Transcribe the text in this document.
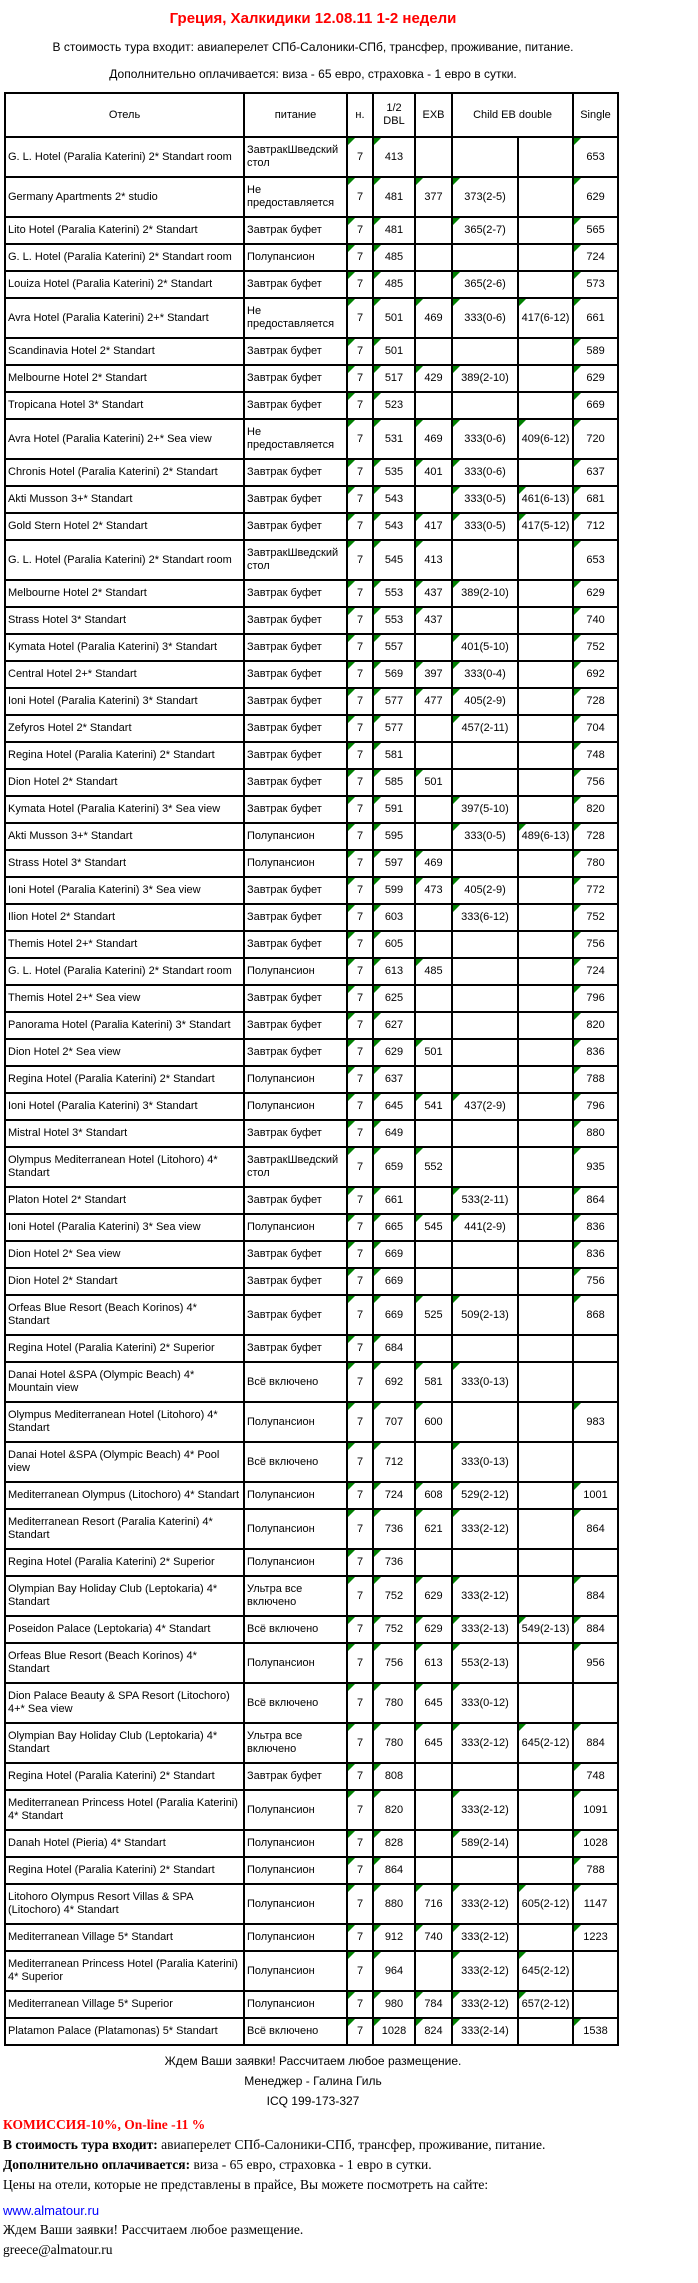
Греция, Халкидики 12.08.11 1-2 недели
В стоимость тура входит: авиаперелет СПб-Салоники-СПб, трансфер, проживание, питание.
Дополнительно оплачивается: виза - 65 евро, страховка - 1 евро в сутки.
Отель	питание	н.	1/2 DBL	EXB	Child EB double		Single
G. L. Hotel (Paralia Katerini) 2* Standart room	ЗавтракШведский стол	7	413				653
Germany Apartments 2* studio	Не предоставляется	7	481	377	373(2-5)		629
Lito Hotel (Paralia Katerini) 2* Standart	Завтрак буфет	7	481		365(2-7)		565
G. L. Hotel (Paralia Katerini) 2* Standart room	Полупансион	7	485				724
Louiza Hotel (Paralia Katerini) 2* Standart	Завтрак буфет	7	485		365(2-6)		573
Avra Hotel (Paralia Katerini) 2+* Standart	Не предоставляется	7	501	469	333(0-6)	417(6-12)	661
Scandinavia Hotel 2* Standart	Завтрак буфет	7	501				589
Melbourne Hotel 2* Standart	Завтрак буфет	7	517	429	389(2-10)		629
Tropicana Hotel 3* Standart	Завтрак буфет	7	523				669
Avra Hotel (Paralia Katerini) 2+* Sea view	Не предоставляется	7	531	469	333(0-6)	409(6-12)	720
Chronis Hotel (Paralia Katerini) 2* Standart	Завтрак буфет	7	535	401	333(0-6)		637
Akti Musson 3+* Standart	Завтрак буфет	7	543		333(0-5)	461(6-13)	681
Gold Stern Hotel 2* Standart	Завтрак буфет	7	543	417	333(0-5)	417(5-12)	712
G. L. Hotel (Paralia Katerini) 2* Standart room	ЗавтракШведский стол	7	545	413			653
Melbourne Hotel 2* Standart	Завтрак буфет	7	553	437	389(2-10)		629
Strass Hotel 3* Standart	Завтрак буфет	7	553	437			740
Kymata Hotel (Paralia Katerini) 3* Standart	Завтрак буфет	7	557		401(5-10)		752
Central Hotel 2+* Standart	Завтрак буфет	7	569	397	333(0-4)		692
Ioni Hotel (Paralia Katerini) 3* Standart	Завтрак буфет	7	577	477	405(2-9)		728
Zefyros Hotel 2* Standart	Завтрак буфет	7	577		457(2-11)		704
Regina Hotel (Paralia Katerini) 2* Standart	Завтрак буфет	7	581				748
Dion Hotel 2* Standart	Завтрак буфет	7	585	501			756
Kymata Hotel (Paralia Katerini) 3* Sea view	Завтрак буфет	7	591		397(5-10)		820
Akti Musson 3+* Standart	Полупансион	7	595		333(0-5)	489(6-13)	728
Strass Hotel 3* Standart	Полупансион	7	597	469			780
Ioni Hotel (Paralia Katerini) 3* Sea view	Завтрак буфет	7	599	473	405(2-9)		772
Ilion Hotel 2* Standart	Завтрак буфет	7	603		333(6-12)		752
Themis Hotel 2+* Standart	Завтрак буфет	7	605				756
G. L. Hotel (Paralia Katerini) 2* Standart room	Полупансион	7	613	485			724
Themis Hotel 2+* Sea view	Завтрак буфет	7	625				796
Panorama Hotel (Paralia Katerini) 3* Standart	Завтрак буфет	7	627				820
Dion Hotel 2* Sea view	Завтрак буфет	7	629	501			836
Regina Hotel (Paralia Katerini) 2* Standart	Полупансион	7	637				788
Ioni Hotel (Paralia Katerini) 3* Standart	Полупансион	7	645	541	437(2-9)		796
Mistral Hotel 3* Standart	Завтрак буфет	7	649				880
Olympus Mediterranean Hotel (Litohoro) 4* Standart	ЗавтракШведский стол	7	659	552			935
Platon Hotel 2* Standart	Завтрак буфет	7	661		533(2-11)		864
Ioni Hotel (Paralia Katerini) 3* Sea view	Полупансион	7	665	545	441(2-9)		836
Dion Hotel 2* Sea view	Завтрак буфет	7	669				836
Dion Hotel 2* Standart	Завтрак буфет	7	669				756
Orfeas Blue Resort (Beach Korinos) 4* Standart	Завтрак буфет	7	669	525	509(2-13)		868
Regina Hotel (Paralia Katerini) 2* Superior	Завтрак буфет	7	684				
Danai Hotel &SPA (Olympic Beach) 4* Mountain view	Всё включено	7	692	581	333(0-13)		
Olympus Mediterranean Hotel (Litohoro) 4* Standart	Полупансион	7	707	600			983
Danai Hotel &SPA (Olympic Beach) 4* Pool view	Всё включено	7	712		333(0-13)		
Mediterranean Olympus (Litochoro) 4* Standart	Полупансион	7	724	608	529(2-12)		1001
Mediterranean Resort (Paralia Katerini) 4* Standart	Полупансион	7	736	621	333(2-12)		864
Regina Hotel (Paralia Katerini) 2* Superior	Полупансион	7	736				
Olympian Bay Holiday Club (Leptokaria) 4* Standart	Ультра все включено	7	752	629	333(2-12)		884
Poseidon Palace (Leptokaria) 4* Standart	Всё включено	7	752	629	333(2-13)	549(2-13)	884
Orfeas Blue Resort (Beach Korinos) 4* Standart	Полупансион	7	756	613	553(2-13)		956
Dion Palace Beauty & SPA Resort (Litochoro) 4+* Sea view	Всё включено	7	780	645	333(0-12)		
Olympian Bay Holiday Club (Leptokaria) 4* Standart	Ультра все включено	7	780	645	333(2-12)	645(2-12)	884
Regina Hotel (Paralia Katerini) 2* Standart	Завтрак буфет	7	808				748
Mediterranean Princess Hotel (Paralia Katerini) 4* Standart	Полупансион	7	820		333(2-12)		1091
Danah Hotel (Pieria) 4* Standart	Полупансион	7	828		589(2-14)		1028
Regina Hotel (Paralia Katerini) 2* Standart	Полупансион	7	864				788
Litohoro Olympus Resort Villas & SPA (Litochoro) 4* Standart	Полупансион	7	880	716	333(2-12)	605(2-12)	1147
Mediterranean Village 5* Standart	Полупансион	7	912	740	333(2-12)		1223
Mediterranean Princess Hotel (Paralia Katerini) 4* Superior	Полупансион	7	964		333(2-12)	645(2-12)	
Mediterranean Village 5* Superior	Полупансион	7	980	784	333(2-12)	657(2-12)	
Platamon Palace (Platamonas) 5* Standart	Всё включено	7	1028	824	333(2-14)		1538

Ждем Ваши заявки! Рассчитаем любое размещение.

Менеджер - Галина Гиль

ICQ 199-173-327

КОМИССИЯ-10%, On-line -11 %

В стоимость тура входит: авиаперелет СПб-Салоники-СПб, трансфер, проживание, питание.

Дополнительно оплачивается: виза - 65 евро, страховка - 1 евро в сутки.

Цены на отели, которые не представлены в прайсе, Вы можете посмотреть на сайте:

www.almatour.ru

Ждем Ваши заявки! Рассчитаем любое размещение.

greece@almatour.ru
